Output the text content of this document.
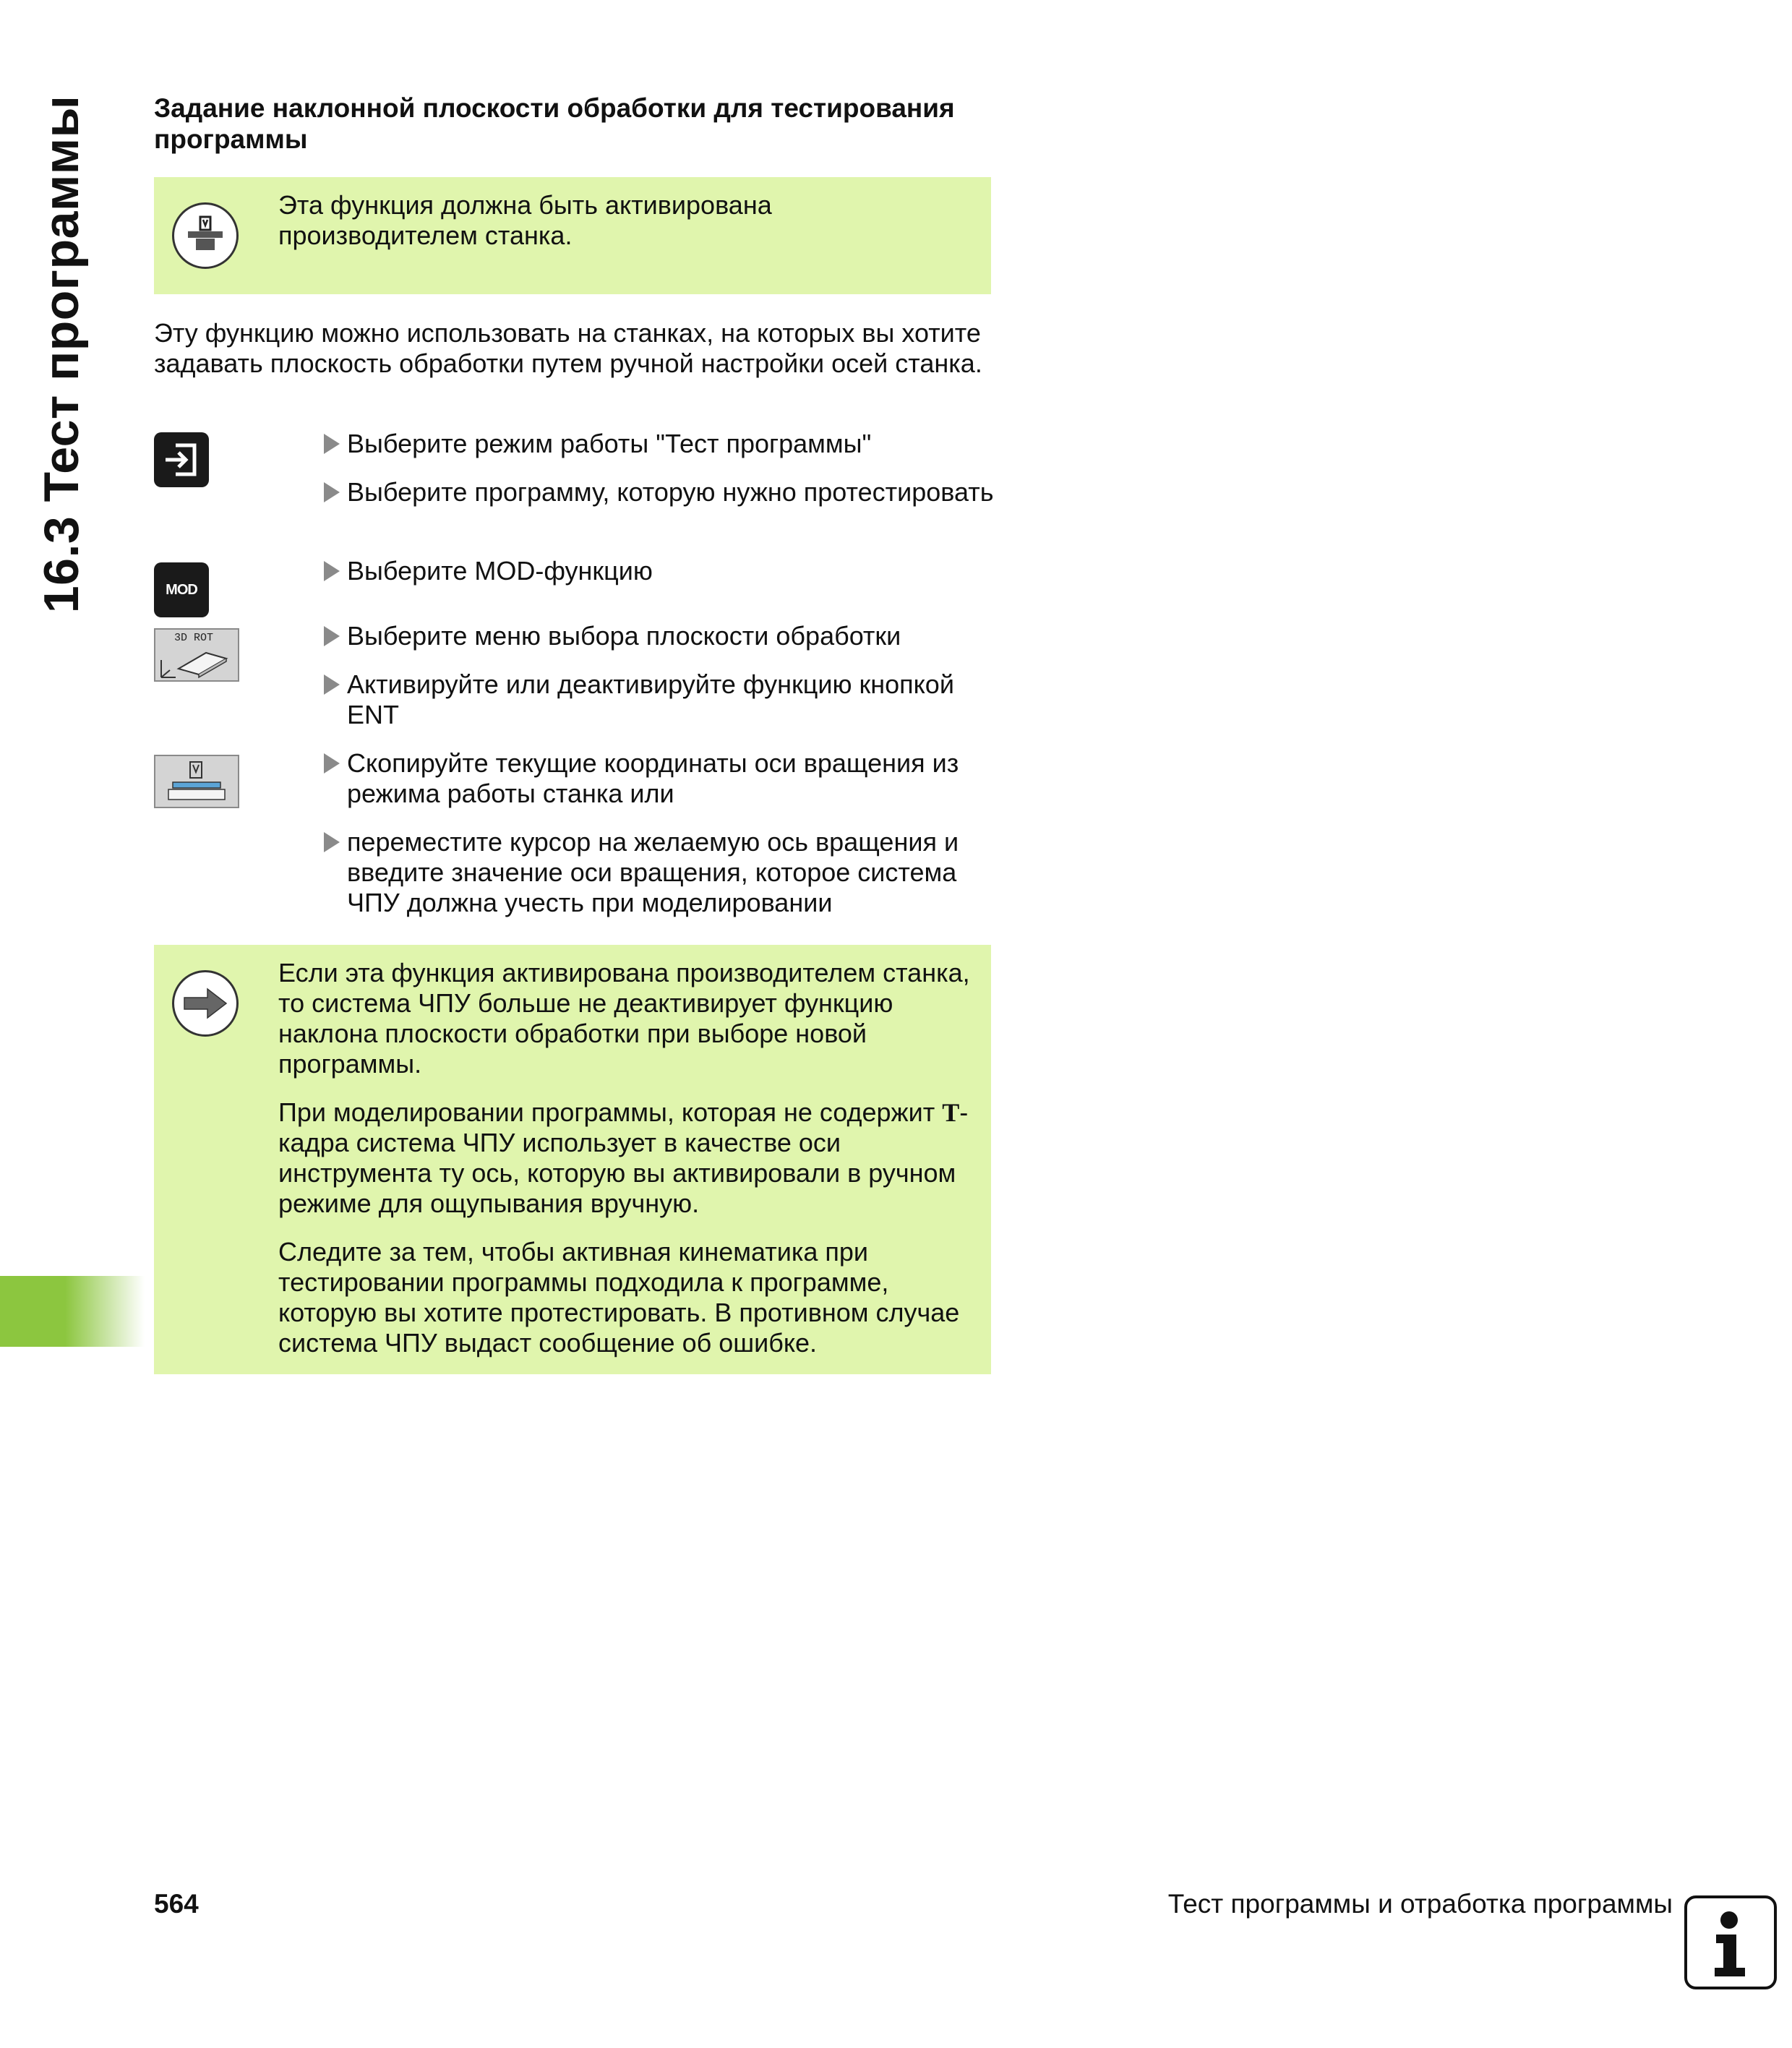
16.3 Тест программы Задание наклонной плоскости обработки для тестирования программы
Эта функция должна быть активирована производителем станка.
Эту функцию можно использовать на станках, на которых вы хотите задавать плоскость обработки путем ручной настройки осей станка.
MOD
3D ROT
Выберите режим работы "Тест программы"
Выберите программу, которую нужно протестировать
Выберите MOD-функцию
Выберите меню выбора плоскости обработки
Активируйте или деактивируйте функцию кнопкой ENT
Скопируйте текущие координаты оси вращения из режима работы станка или
переместите курсор на желаемую ось вращения и введите значение оси вращения, которое система ЧПУ должна учесть при моделировании

Если эта функция активирована производителем станка, то система ЧПУ больше не деактивирует функцию наклона плоскости обработки при выборе новой программы.

При моделировании программы, которая не содержит T-кадра система ЧПУ использует в качестве оси инструмента ту ось, которую вы активировали в ручном режиме для ощупывания вручную.

Следите за тем, чтобы активная кинематика при тестировании программы подходила к программе, которую вы хотите протестировать. В противном случае система ЧПУ выдаст сообщение об ошибке.

564	Тест программы и отработка программы
